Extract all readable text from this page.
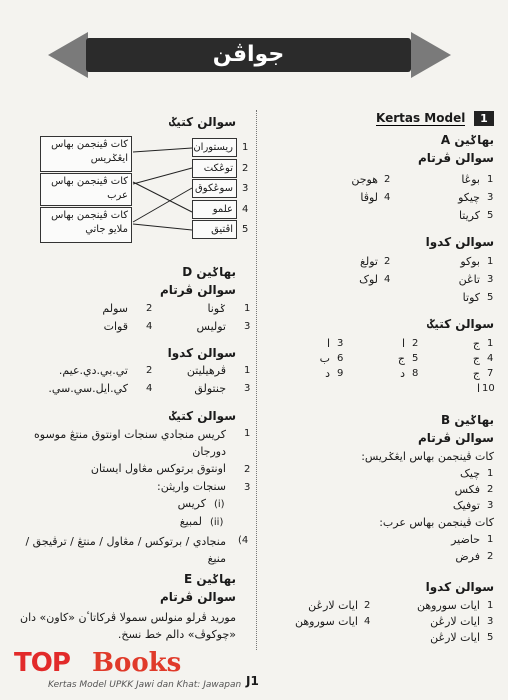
جواڤن
Kertas Model	1
بهاݢين A
سوالن ڤرتام
سوالن کدوا
سوالن کتيݢ
بهاݢين B
سوالن ڤرتام
کات ڤينجمن بهاس ايڠݢريس:
کات ڤينجمن بهاس عرب:
سوالن کدوا
سوالن کتيݢ
بهاݢين D
سوالن ڤرتام
سوالن کدوا
سوالن کتيݢ
1
کريس منجادي سنجات اونتوق منتڠ موسوه دورجان
2
اونتوق برتوکس مڠاول ايستان
3
سنجات واريثن:
(i)
کريس
(ii)
لمبيغ
(4
منجادي / برتوکس / مڠاول / منتڠ / ترڤيجق / منيغ
بهاݢين E
سوالن ڤرتام
موريد ڤرلو منولس سمولا ڤرکاتاٴن «کاون» دان «چوکوڤ» دالم خط نسخ.
TOP Books
Kertas Model UPKK Jawi dan Khat: Jawapan J1
1
بوڠا
2
هوجن
3
چيکو
4
لوڤا
5
کريتا
1
بوکو
2
تولغ
3
تاڠن
4
لوک
5
کوتا
1
ج
2
ا
3
ا
4
ج
5
ج
6
ب
7
ج
8
د
9
د
10
ا
1
چيک
2
فکس
3
توفيک
1
حاضير
2
فرض
1
ايات سوروهن
2
ايات لارڠن
3
ايات لارڠن
4
ايات سوروهن
5
ايات لارڠن
کات ڤينجمن بهاس ايڠݢريس
کات ڤينجمن بهاس عرب
کات ڤينجمن بهاس ملايو جاتي
ريستوران 1
توڠکت 2
سوڠکوق 3
علمو 4
اڤتيق 5
1
ݢونا
2
سولم
3
توليس
4
قوات
1
ڤرهيليتن
2
تي.بي.دي.عيم.
3
جنتولق
4
کي.ايل.سي.سي.
